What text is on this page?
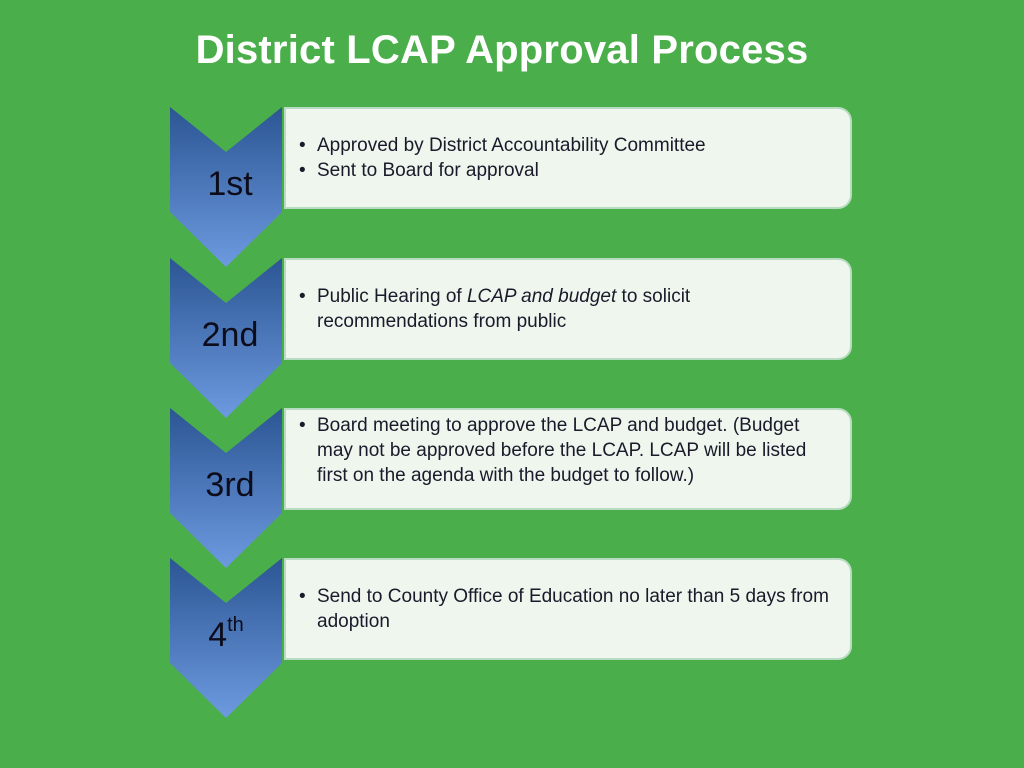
District LCAP Approval Process
1st
• Approved by District Accountability Committee
• Sent to Board for approval
2nd
• Public Hearing of LCAP and budget to solicit recommendations from public
3rd
• Board meeting to approve the LCAP and budget. (Budget may not be approved before the LCAP. LCAP will be listed first on the agenda with the budget to follow.)
4th
• Send to County Office of Education no later than 5 days from adoption
